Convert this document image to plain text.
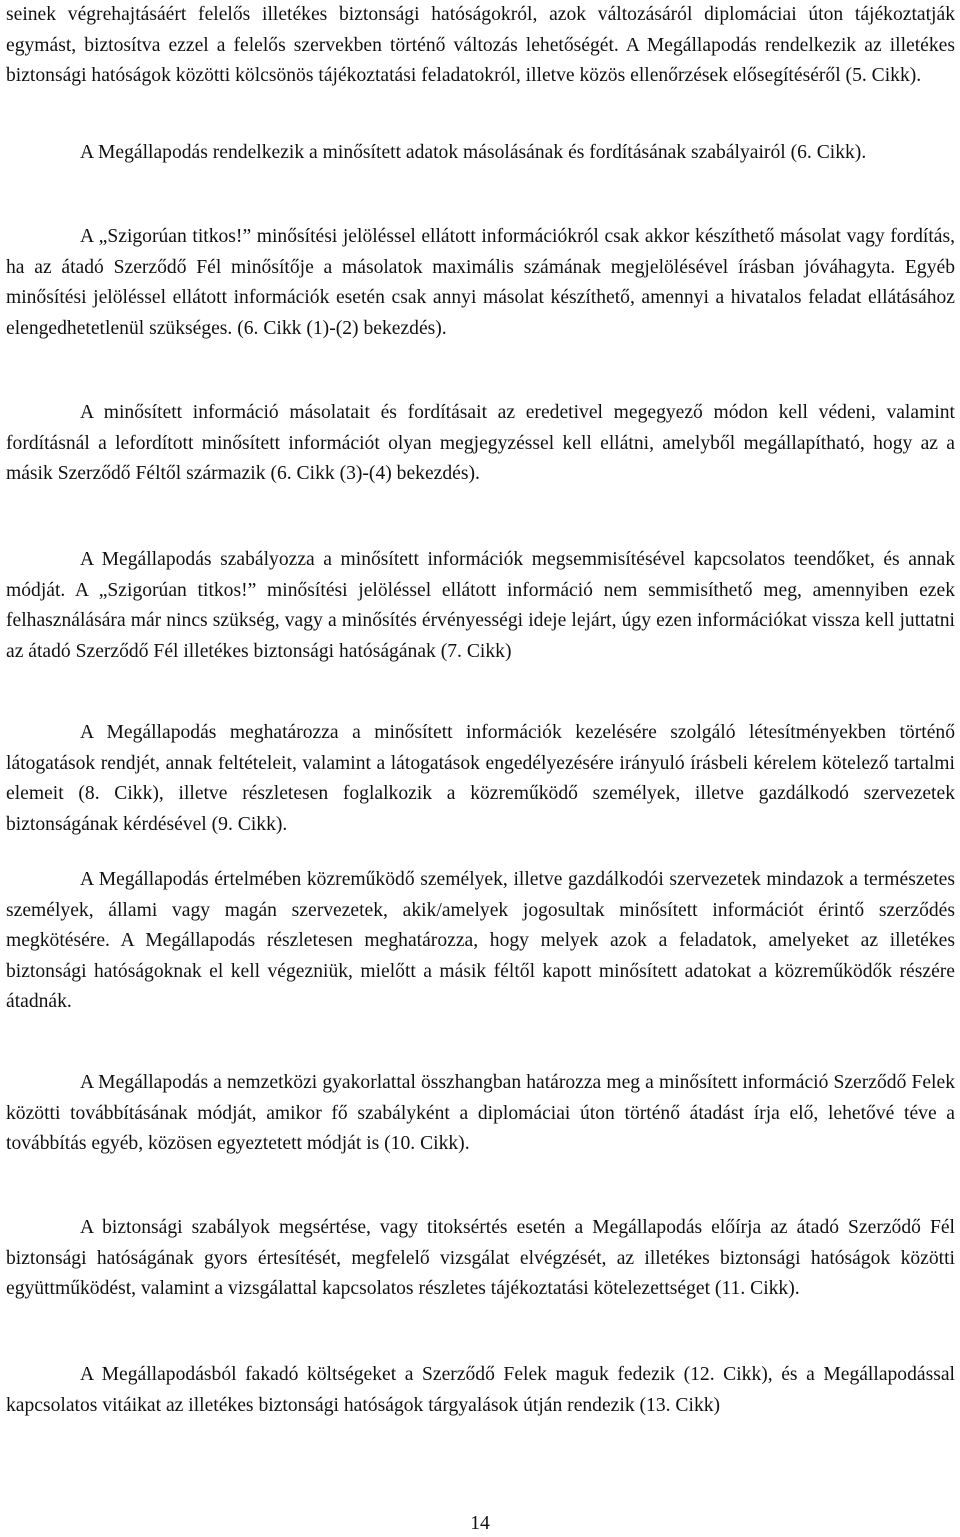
seinek végrehajtásáért felelős illetékes biztonsági hatóságokról, azok változásáról diplomáciai úton tájékoztatják egymást, biztosítva ezzel a felelős szervekben történő változás lehetőségét. A Megállapodás rendelkezik az illetékes biztonsági hatóságok közötti kölcsönös tájékoztatási feladatokról, illetve közös ellenőrzések elősegítéséről (5. Cikk).

A Megállapodás rendelkezik a minősített adatok másolásának és fordításának szabályairól (6. Cikk).

A „Szigorúan titkos!” minősítési jelöléssel ellátott információkról csak akkor készíthető másolat vagy fordítás, ha az átadó Szerződő Fél minősítője a másolatok maximális számának megjelölésével írásban jóváhagyta. Egyéb minősítési jelöléssel ellátott információk esetén csak annyi másolat készíthető, amennyi a hivatalos feladat ellátásához elengedhetetlenül szükséges. (6. Cikk (1)-(2) bekezdés).

A minősített információ másolatait és fordításait az eredetivel megegyező módon kell védeni, valamint fordításnál a lefordított minősített információt olyan megjegyzéssel kell ellátni, amelyből megállapítható, hogy az a másik Szerződő Féltől származik (6. Cikk (3)-(4) bekezdés).

A Megállapodás szabályozza a minősített információk megsemmisítésével kapcsolatos teendőket, és annak módját. A „Szigorúan titkos!” minősítési jelöléssel ellátott információ nem semmisíthető meg, amennyiben ezek felhasználására már nincs szükség, vagy a minősítés érvényességi ideje lejárt, úgy ezen információkat vissza kell juttatni az átadó Szerződő Fél illetékes biztonsági hatóságának (7. Cikk)

A Megállapodás meghatározza a minősített információk kezelésére szolgáló létesítményekben történő látogatások rendjét, annak feltételeit, valamint a látogatások engedélyezésére irányuló írásbeli kérelem kötelező tartalmi elemeit (8. Cikk), illetve részletesen foglalkozik a közreműködő személyek, illetve gazdálkodó szervezetek biztonságának kérdésével (9. Cikk).

A Megállapodás értelmében közreműködő személyek, illetve gazdálkodói szervezetek mindazok a természetes személyek, állami vagy magán szervezetek, akik/amelyek jogosultak minősített információt érintő szerződés megkötésére. A Megállapodás részletesen meghatározza, hogy melyek azok a feladatok, amelyeket az illetékes biztonsági hatóságoknak el kell végezniük, mielőtt a másik féltől kapott minősített adatokat a közreműködők részére átadnák.

A Megállapodás a nemzetközi gyakorlattal összhangban határozza meg a minősített információ Szerződő Felek közötti továbbításának módját, amikor fő szabályként a diplomáciai úton történő átadást írja elő, lehetővé téve a továbbítás egyéb, közösen egyeztetett módját is (10. Cikk).

A biztonsági szabályok megsértése, vagy titoksértés esetén a Megállapodás előírja az átadó Szerződő Fél biztonsági hatóságának gyors értesítését, megfelelő vizsgálat elvégzését, az illetékes biztonsági hatóságok közötti együttműködést, valamint a vizsgálattal kapcsolatos részletes tájékoztatási kötelezettséget (11. Cikk).

A Megállapodásból fakadó költségeket a Szerződő Felek maguk fedezik (12. Cikk), és a Megállapodással kapcsolatos vitáikat az illetékes biztonsági hatóságok tárgyalások útján rendezik (13. Cikk)

14
